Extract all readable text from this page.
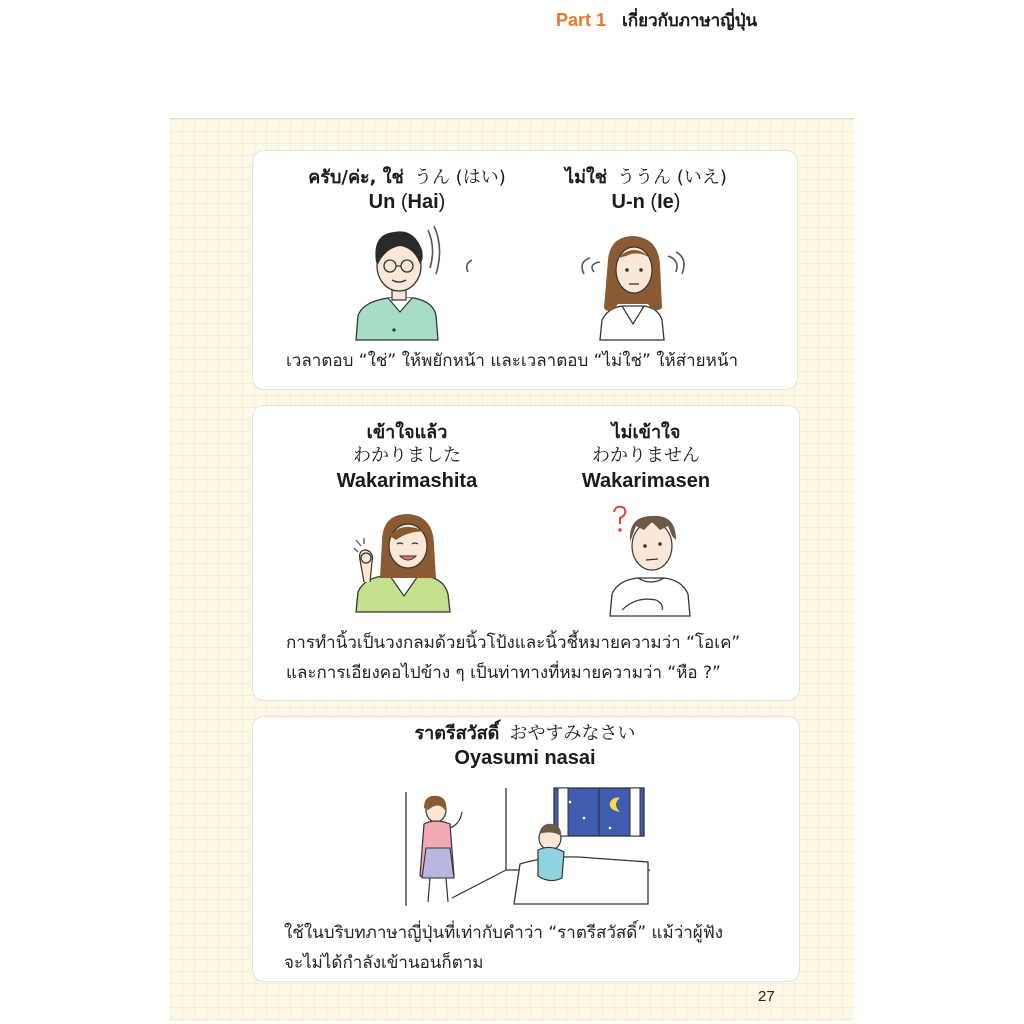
Part 1 เกี่ยวกับภาษาญี่ปุ่น
ครับ/ค่ะ, ใช่ うん (はい)
Un (Hai)
ไม่ใช่ ううん (いえ)
U-n (Ie)
เวลาตอบ “ใช่” ให้พยักหน้า และเวลาตอบ “ไม่ใช่” ให้ส่ายหน้า
เข้าใจแล้ว
わかりました
Wakarimashita
ไม่เข้าใจ
わかりません
Wakarimasen
การทำนิ้วเป็นวงกลมด้วยนิ้วโป้งและนิ้วชี้หมายความว่า “โอเค”
และการเอียงคอไปข้าง ๆ เป็นท่าทางที่หมายความว่า “หือ ?”
ราตรีสวัสดิ์ おやすみなさい
Oyasumi nasai
ใช้ในบริบทภาษาญี่ปุ่นที่เท่ากับคำว่า “ราตรีสวัสดิ์” แม้ว่าผู้ฟัง
จะไม่ได้กำลังเข้านอนก็ตาม
27
